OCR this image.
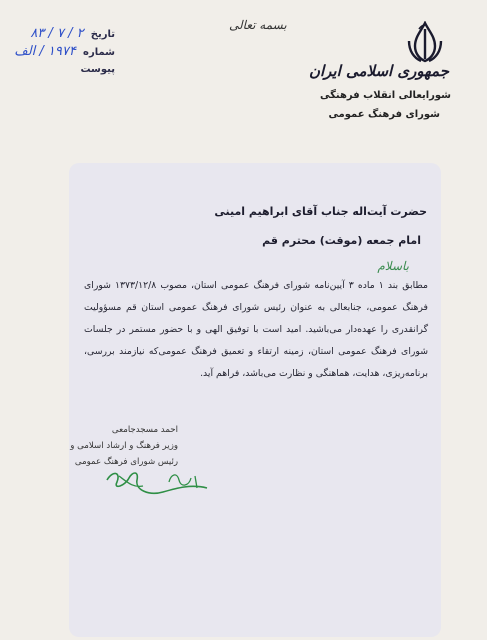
تاریخ ۲ / ۷ / ۸۳
شماره ۱۹۷۴ / الف
پیوست
بسمه تعالی
جمهوری اسلامی ایران
شورایعالی انقلاب فرهنگی
شورای فرهنگ عمومی
حضرت آیت‌اله جناب آقای ابراهیم امینی
امام جمعه (موقت) محترم قم
باسلام
مطابق بند ۱ ماده ۳ آیین‌نامه شورای فرهنگ عمومی استان، مصوب ۱۳۷۳/۱۲/۸ شورای فرهنگ عمومی، جنابعالی به عنوان رئیس شورای فرهنگ عمومی استان قم مسؤولیت گرانقدری را عهده‌دار می‌باشید. امید است با توفیق الهی و با حضور مستمر در جلسات شورای فرهنگ عمومی استان، زمینه ارتقاء و تعمیق فرهنگ عمومی‌که نیازمند بررسی، برنامه‌ریزی، هدایت، هماهنگی و نظارت می‌باشد، فراهم آید.
احمد مسجدجامعی
وزیر فرهنگ و ارشاد اسلامی و
رئیس شورای فرهنگ عمومی
